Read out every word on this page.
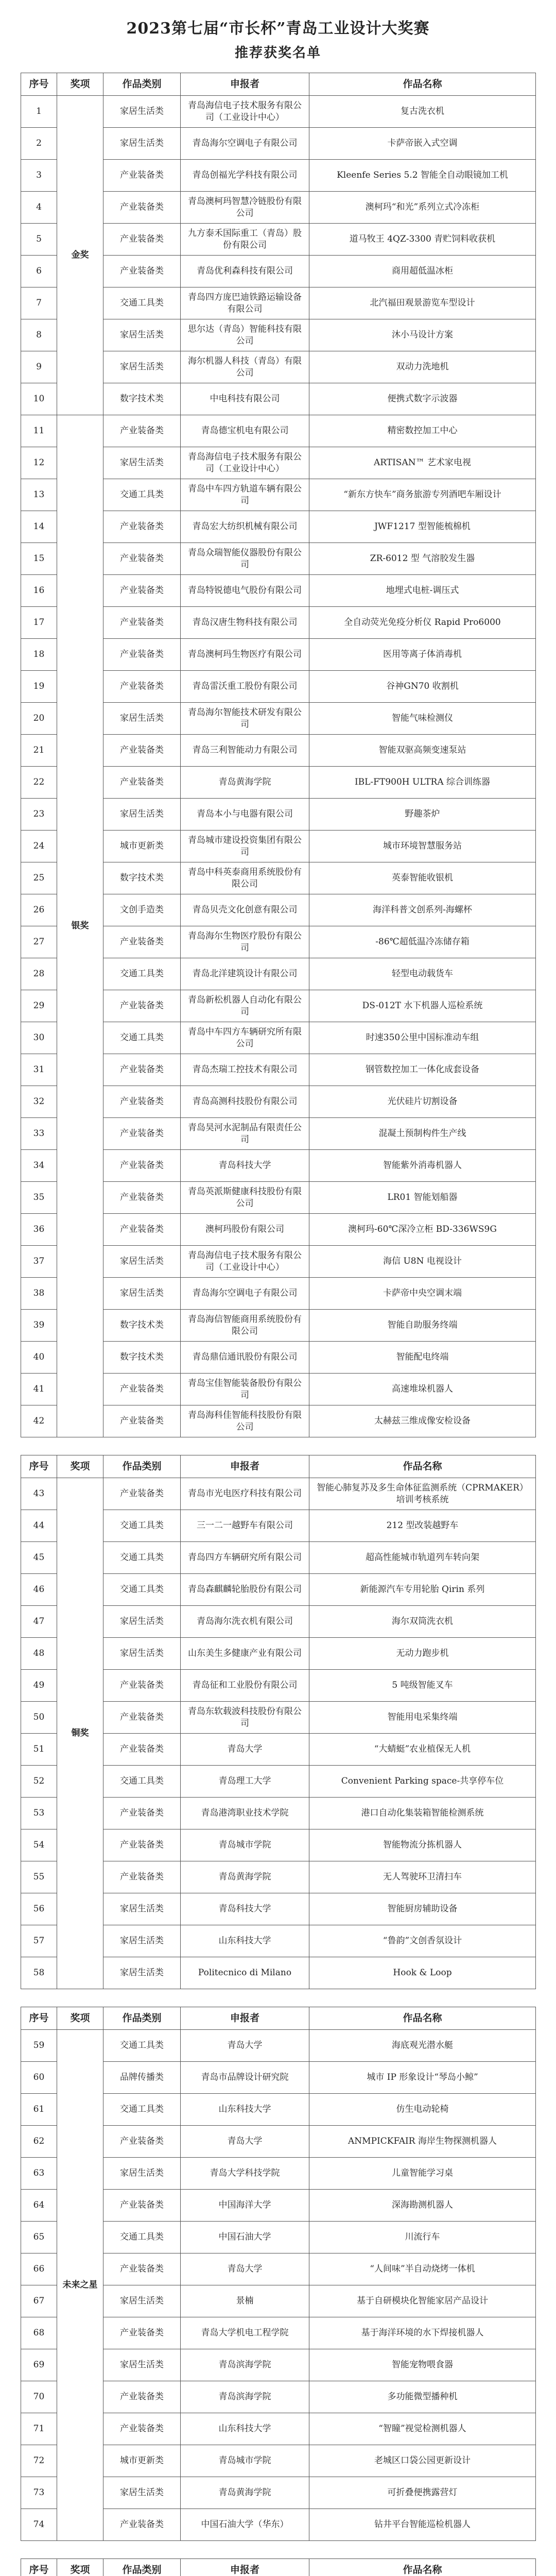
2023第七届“市长杯”青岛工业设计大奖赛
推荐获奖名单
序号	奖项	作品类别	申报者	作品名称
1	金奖	家居生活类	青岛海信电子技术服务有限公司（工业设计中心）	复古洗衣机
2		家居生活类	青岛海尔空调电子有限公司	卡萨帝嵌入式空调
3		产业装备类	青岛创福光学科技有限公司	Kleenfe Series 5.2 智能全自动眼镜加工机
4		产业装备类	青岛澳柯玛智慧冷链股份有限公司	澳柯玛“和光”系列立式冷冻柜
5		产业装备类	九方泰禾国际重工（青岛）股份有限公司	道马牧王 4QZ-3300 青贮饲料收获机
6		产业装备类	青岛优利森科技有限公司	商用超低温冰柜
7		交通工具类	青岛四方庞巴迪铁路运输设备有限公司	北汽福田观景游览车型设计
8		家居生活类	思尔达（青岛）智能科技有限公司	沐小马设计方案
9		家居生活类	海尔机器人科技（青岛）有限公司	双动力洗地机
10		数字技术类	中电科技有限公司	便携式数字示波器
11	银奖	产业装备类	青岛德宝机电有限公司	精密数控加工中心
12		家居生活类	青岛海信电子技术服务有限公司（工业设计中心）	ARTISAN™ 艺术家电视
13		交通工具类	青岛中车四方轨道车辆有限公司	“新东方快车”商务旅游专列酒吧车厢设计
14		产业装备类	青岛宏大纺织机械有限公司	JWF1217 型智能梳棉机
15		产业装备类	青岛众瑞智能仪器股份有限公司	ZR-6012 型 气溶胶发生器
16		产业装备类	青岛特锐德电气股份有限公司	地埋式电桩-调压式
17		产业装备类	青岛汉唐生物科技有限公司	全自动荧光免疫分析仪 Rapid Pro6000
18		产业装备类	青岛澳柯玛生物医疗有限公司	医用等离子体消毒机
19		产业装备类	青岛雷沃重工股份有限公司	谷神GN70 收割机
20		家居生活类	青岛海尔智能技术研发有限公司	智能气味检测仪
21		产业装备类	青岛三利智能动力有限公司	智能双驱高频变速泵站
22		产业装备类	青岛黄海学院	IBL-FT900H ULTRA 综合训练器
23		家居生活类	青岛本小与电器有限公司	野趣茶炉
24		城市更新类	青岛城市建设投资集团有限公司	城市环境智慧服务站
25		数字技术类	青岛中科英泰商用系统股份有限公司	英泰智能收银机
26		文创手造类	青岛贝壳文化创意有限公司	海洋科普文创系列-海螺杯
27		产业装备类	青岛海尔生物医疗股份有限公司	-86℃超低温冷冻储存箱
28		交通工具类	青岛北洋建筑设计有限公司	轻型电动载货车
29		产业装备类	青岛新松机器人自动化有限公司	DS-012T 水下机器人巡检系统
30		交通工具类	青岛中车四方车辆研究所有限公司	时速350公里中国标准动车组
31		产业装备类	青岛杰瑞工控技术有限公司	钢管数控加工一体化成套设备
32		产业装备类	青岛高测科技股份有限公司	光伏硅片切割设备
33		产业装备类	青岛昊河水泥制品有限责任公司	混凝土预制构件生产线
34		产业装备类	青岛科技大学	智能紫外消毒机器人
35		产业装备类	青岛英派斯健康科技股份有限公司	LR01 智能划船器
36		产业装备类	澳柯玛股份有限公司	澳柯玛-60℃深冷立柜 BD-336WS9G
37		家居生活类	青岛海信电子技术服务有限公司（工业设计中心）	海信 U8N 电视设计
38		家居生活类	青岛海尔空调电子有限公司	卡萨帝中央空调末端
39		数字技术类	青岛海信智能商用系统股份有限公司	智能自助服务终端
40		数字技术类	青岛鼎信通讯股份有限公司	智能配电终端
41		产业装备类	青岛宝佳智能装备股份有限公司	高速堆垛机器人
42		产业装备类	青岛海科佳智能科技股份有限公司	太赫兹三维成像安检设备
序号	奖项	作品类别	申报者	作品名称
43	铜奖	产业装备类	青岛市光电医疗科技有限公司	智能心肺复苏及多生命体征监测系统（CPRMAKER）培训考核系统
44		交通工具类	三一二一越野车有限公司	212 型改装越野车
45		交通工具类	青岛四方车辆研究所有限公司	超高性能城市轨道列车转向架
46		交通工具类	青岛森麒麟轮胎股份有限公司	新能源汽车专用轮胎 Qirin 系列
47		家居生活类	青岛海尔洗衣机有限公司	海尔双筒洗衣机
48		家居生活类	山东美生多健康产业有限公司	无动力跑步机
49		产业装备类	青岛征和工业股份有限公司	5 吨级智能叉车
50		产业装备类	青岛东软载波科技股份有限公司	智能用电采集终端
51		产业装备类	青岛大学	“大蜻蜓”农业植保无人机
52		交通工具类	青岛理工大学	Convenient Parking space-共享停车位
53		产业装备类	青岛港湾职业技术学院	港口自动化集装箱智能检测系统
54		产业装备类	青岛城市学院	智能物流分拣机器人
55		产业装备类	青岛黄海学院	无人驾驶环卫清扫车
56		家居生活类	青岛科技大学	智能厨房辅助设备
57		家居生活类	山东科技大学	“鲁韵”文创香氛设计
58		家居生活类	Politecnico di Milano	Hook & Loop
序号	奖项	作品类别	申报者	作品名称
59	未来之星	交通工具类	青岛大学	海底观光潜水艇
60		品牌传播类	青岛市品牌设计研究院	城市 IP 形象设计“琴岛小鲸”
61		交通工具类	山东科技大学	仿生电动轮椅
62		产业装备类	青岛大学	ANMPICKFAIR 海岸生物探测机器人
63		家居生活类	青岛大学科技学院	儿童智能学习桌
64		产业装备类	中国海洋大学	深海勘测机器人
65		交通工具类	中国石油大学	川流行车
66		产业装备类	青岛大学	“人间味”半自动烧烤一体机
67		家居生活类	景楠	基于自研模块化智能家居产品设计
68		产业装备类	青岛大学机电工程学院	基于海洋环境的水下焊接机器人
69		家居生活类	青岛滨海学院	智能宠物喂食器
70		产业装备类	青岛滨海学院	多功能微型播种机
71		产业装备类	山东科技大学	“智瞳”视觉检测机器人
72		城市更新类	青岛城市学院	老城区口袋公园更新设计
73		家居生活类	青岛黄海学院	可折叠便携露营灯
74		产业装备类	中国石油大学（华东）	钻井平台智能巡检机器人
序号	奖项	作品类别	申报者	作品名称
